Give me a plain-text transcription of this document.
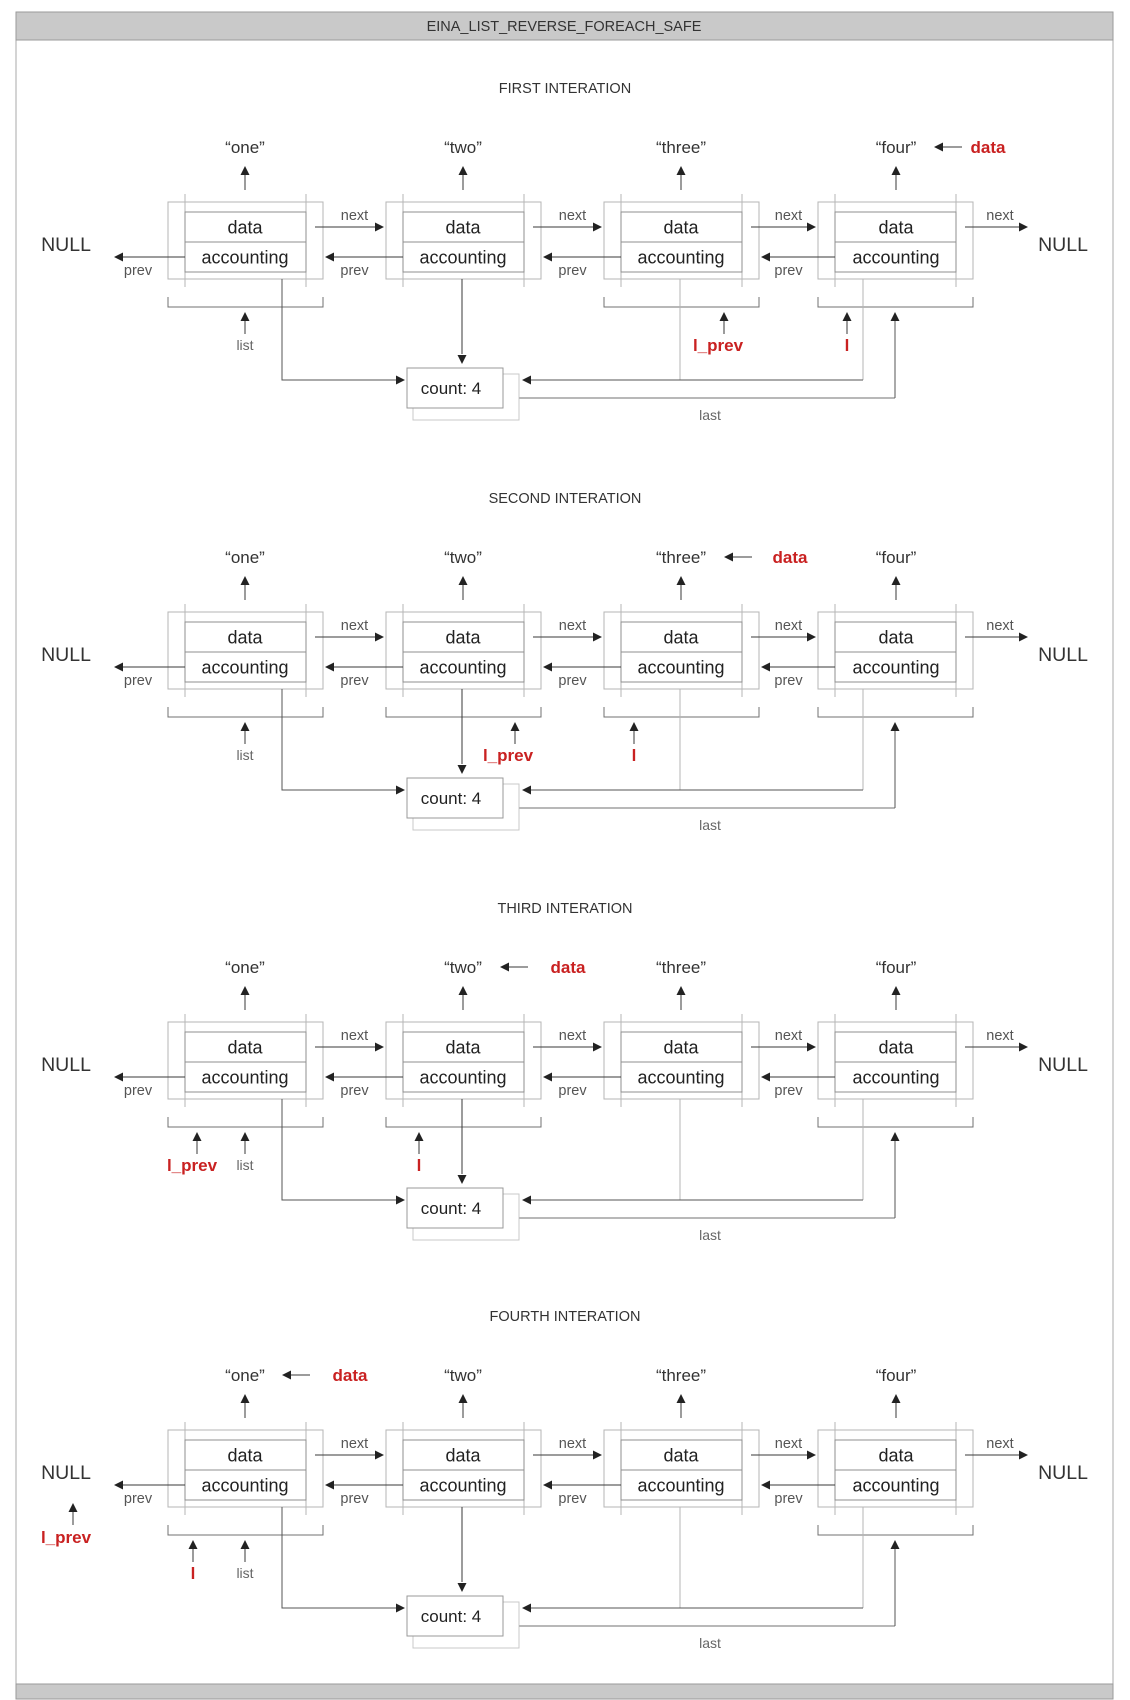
EINA_LIST_REVERSE_FOREACH_SAFE
FIRST INTERATION
data
accounting
“one”
next
prev
NULL
data
accounting
“two”
next
prev
data
accounting
“three”
next
prev
data
accounting
“four”
next
prev
NULL
count: 4
last
list	l
l_prev
data
SECOND INTERATION
data
accounting
“one”
next
prev
NULL
data
accounting
“two”
next
prev
data
accounting
“three”
next
prev
data
accounting
“four”
next
prev
NULL
count: 4
last
list	l
l_prev
data
THIRD INTERATION
data
accounting
“one”
next
prev
NULL
data
accounting
“two”
next
prev
data
accounting
“three”
next
prev
data
accounting
“four”
next
prev
NULL
count: 4
last
list	l
l_prev
data
FOURTH INTERATION
data
accounting
“one”
next
prev
NULL
data
accounting
“two”
next
prev
data
accounting
“three”
next
prev
data
accounting
“four”
next
prev
NULL
count: 4
last
list
l
l_prev
data
